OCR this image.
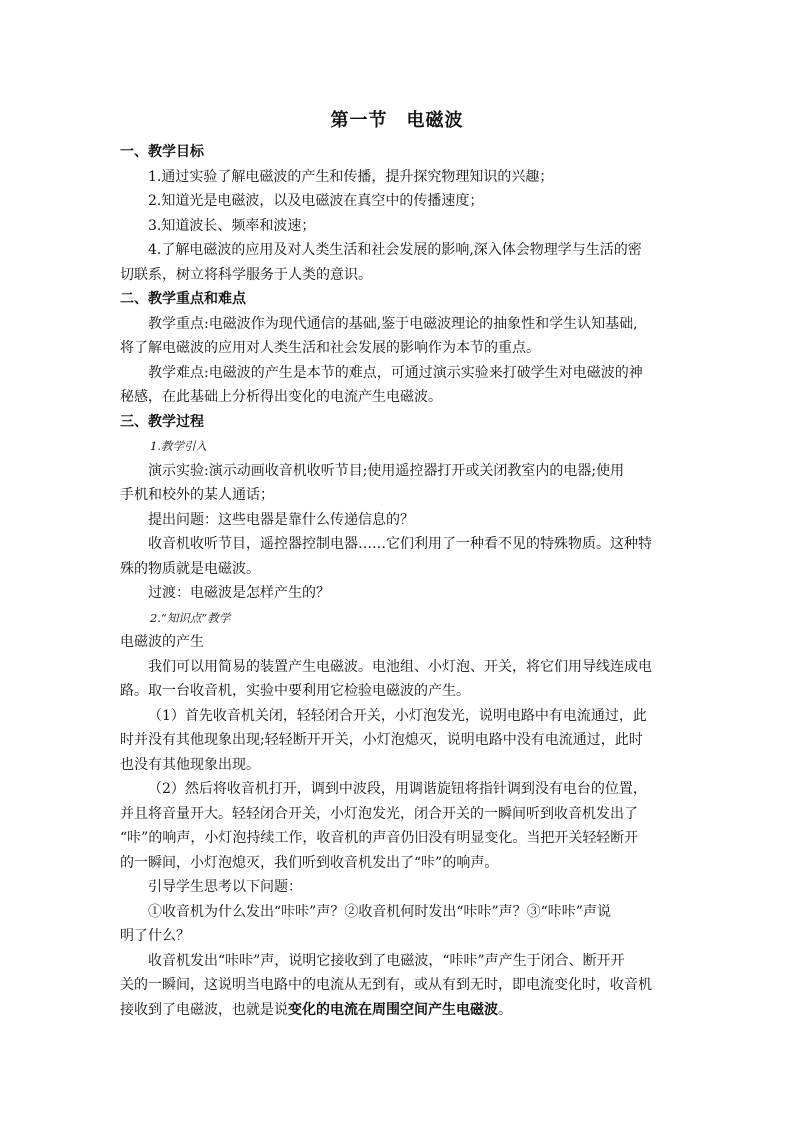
第一节　电磁波
一、教学目标
1.通过实验了解电磁波的产生和传播，提升探究物理知识的兴趣；
2.知道光是电磁波，以及电磁波在真空中的传播速度；
3.知道波长、频率和波速；
4.了解电磁波的应用及对人类生活和社会发展的影响,深入体会物理学与生活的密
切联系，树立将科学服务于人类的意识。
二、教学重点和难点
教学重点:电磁波作为现代通信的基础,鉴于电磁波理论的抽象性和学生认知基础,
将了解电磁波的应用对人类生活和社会发展的影响作为本节的重点。
教学难点:电磁波的产生是本节的难点，可通过演示实验来打破学生对电磁波的神
秘感，在此基础上分析得出变化的电流产生电磁波。
三、教学过程
1.教学引入
演示实验:演示动画收音机收听节目;使用遥控器打开或关闭教室内的电器;使用
手机和校外的某人通话；
提出问题：这些电器是靠什么传递信息的？
收音机收听节目，遥控器控制电器……它们利用了一种看不见的特殊物质。这种特
殊的物质就是电磁波。
过渡：电磁波是怎样产生的？
2.“知识点”教学
电磁波的产生
我们可以用简易的装置产生电磁波。电池组、小灯泡、开关，将它们用导线连成电
路。取一台收音机，实验中要利用它检验电磁波的产生。
（1）首先收音机关闭，轻轻闭合开关，小灯泡发光，说明电路中有电流通过，此
时并没有其他现象出现;轻轻断开开关，小灯泡熄灭，说明电路中没有电流通过，此时
也没有其他现象出现。
（2）然后将收音机打开，调到中波段，用调谐旋钮将指针调到没有电台的位置，
并且将音量开大。轻轻闭合开关，小灯泡发光，闭合开关的一瞬间听到收音机发出了
“咔”的响声，小灯泡持续工作，收音机的声音仍旧没有明显变化。当把开关轻轻断开
的一瞬间，小灯泡熄灭，我们听到收音机发出了“咔”的响声。
引导学生思考以下问题：
①收音机为什么发出“咔咔”声？②收音机何时发出“咔咔”声？③“咔咔”声说
明了什么？
收音机发出“咔咔”声，说明它接收到了电磁波，“咔咔”声产生于闭合、断开开
关的一瞬间，这说明当电路中的电流从无到有，或从有到无时，即电流变化时，收音机
接收到了电磁波，也就是说变化的电流在周围空间产生电磁波。
